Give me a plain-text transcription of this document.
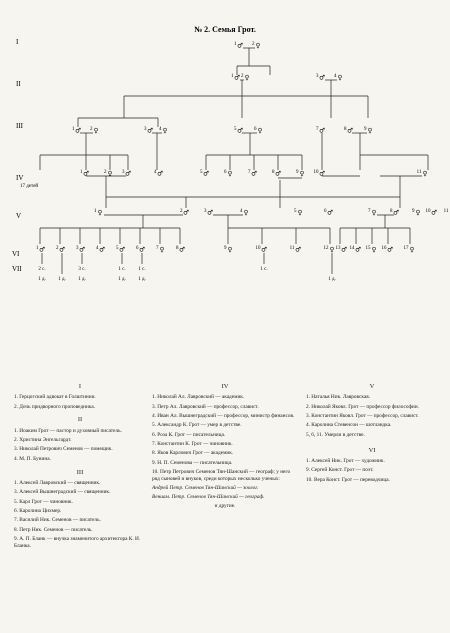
№ 2. Семья Грот.
I
II
III
IV
V
VI
VII
1 ♂ 2 ♀
1 ♂ 2 ♀	3 ♂ 4 ♀
1 ♂ 2 ♀	3 ♂ 4 ♀	5 ♂ 6 ♀	7 ♂	8 ♂ 9 ♀
1 ♂	2 ♀ 3 ♂	4 ♂	5 ♂	6 ♀	7 ♂	8 ♂	9 ♀ 10 ♂	11 ♀
1 ♀	2 ♂	3 ♂	4 ♀	5 ♀	6 ♂	7 ♀	8 ♂	9 ♀ 10 ♂ 11
1 ♂ 2 ♂ 3 ♂ 4 ♂ 5 ♂ 6 ♂ 7 ♀ 8 ♂	9 ♀	10 ♂	11 ♂	12 ♀ 13 ♂ 14 ♂ 15 ♀ 16 ♂ 17 ♀
17 детей
2 с.
1 д. 1 д.
3 с.
1 д.
1 с.
1 д.
1 с.
1 д.
1 с.
1 д.
I
1. Герцогский адвокат в Голштинии.
2. Дочь придворного проповедника.
II
1. Иоаким Грот — пастор и духовный писатель.
2. Христина Энгельгардт.
3. Николай Петрович Семенов — помещик.
4. М. П. Бунина.
III
1. Алексей Лавровский — священник.
3. Алексей Вышнеградский — священник.
5. Карл Грот — чиновник.
6. Каролина Цихмер.
7. Василий Ник. Семенов — писатель.
8. Петр Ник. Семенов — писатель.
9. А. П. Бланк — внучка знаменитого архитектора К. И. Бланка.
IV
1. Николай Ал. Лавровский — академик.
3. Петр Ал. Лавровский — профессор, славист.
4. Иван Ал. Вышнеградский — профессор, министр финансов.
5. Александр К. Грот — умер в детстве.
6. Роза К. Грот — писательница.
7. Константин К. Грот — чиновник.
8. Яков Карлович Грот — академик.
9. Н. П. Семенова — писательница.
10. Петр Петрович Семенов Тян-Шанский — географ; у него ряд сыновей и внуков, среди которых несколько ученых:
Андрей Петр. Семенов Тян-Шанский — зоолог.
Вениам. Петр. Семенов Тян-Шанский — географ.
и другие.
V
1. Наталья Ник. Лавровская.
2. Николай Яковл. Грот — профессор философии.
3. Константин Яковл. Грот — профессор, славист.
4. Каролина Стевенсон — шотландка.
5, 6, 11. Умерли в детстве.
VI
1. Алексей Ник. Грот — художник.
9. Сергей Конст. Грот — поэт.
10. Вера Конст. Грот — переводчица.
